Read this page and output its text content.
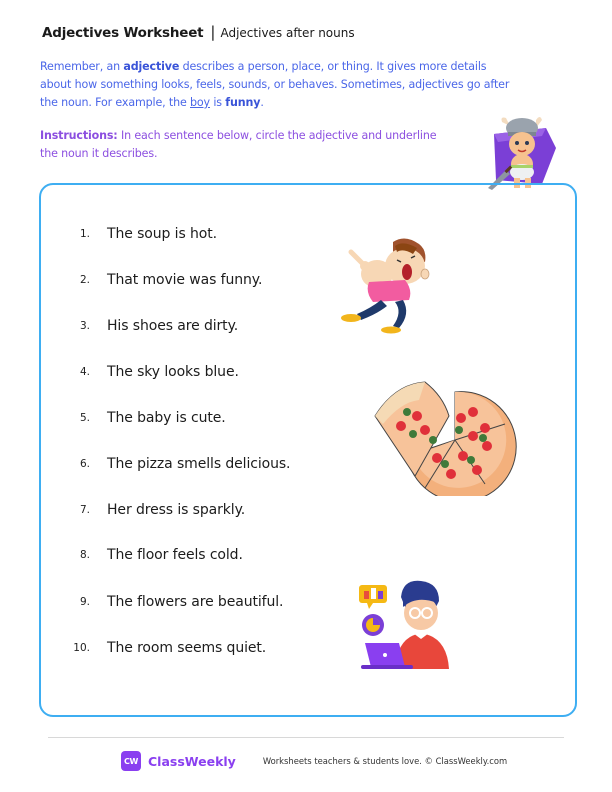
Adjectives Worksheet | Adjectives after nouns

Remember, an adjective describes a person, place, or thing. It gives more details about how something looks, feels, sounds, or behaves. Sometimes, adjectives go after the noun. For example, the boy is funny.

Instructions: In each sentence below, circle the adjective and underline the noun it describes.

1.	The soup is hot.
2.	That movie was funny.
3.	His shoes are dirty.
4.	The sky looks blue.
5.	The baby is cute.
6.	The pizza smells delicious.
7.	Her dress is sparkly.
8.	The floor feels cold.
9.	The flowers are beautiful.
10.	The room seems quiet.
CW ClassWeekly	Worksheets teachers & students love. © ClassWeekly.com
